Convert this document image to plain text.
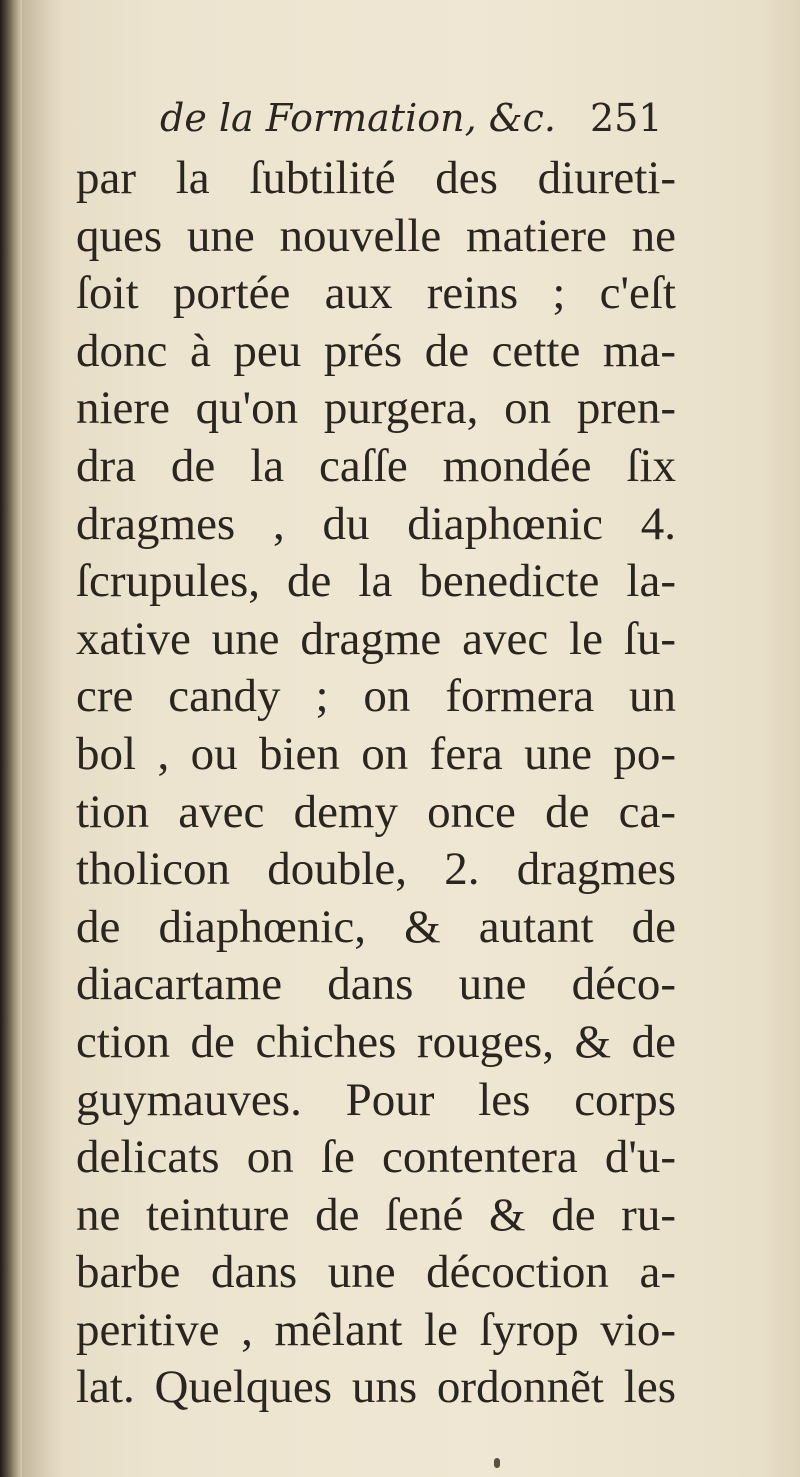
de la Formation, &c. 251
par la ſubtilité des diureti-
ques une nouvelle matiere ne
ſoit portée aux reins ; c'eſt
donc à peu prés de cette ma-
niere qu'on purgera, on pren-
dra de la caſſe mondée ſix
dragmes , du diaphœnic 4.
ſcrupules, de la benedicte la-
xative une dragme avec le ſu-
cre candy ; on formera un
bol , ou bien on fera une po-
tion avec demy once de ca-
tholicon double, 2. dragmes
de diaphœnic, & autant de
diacartame dans une déco-
ction de chiches rouges, & de
guymauves. Pour les corps
delicats on ſe contentera d'u-
ne teinture de ſené & de ru-
barbe dans une décoction a-
peritive , mêlant le ſyrop vio-
lat. Quelques uns ordonnẽt les
